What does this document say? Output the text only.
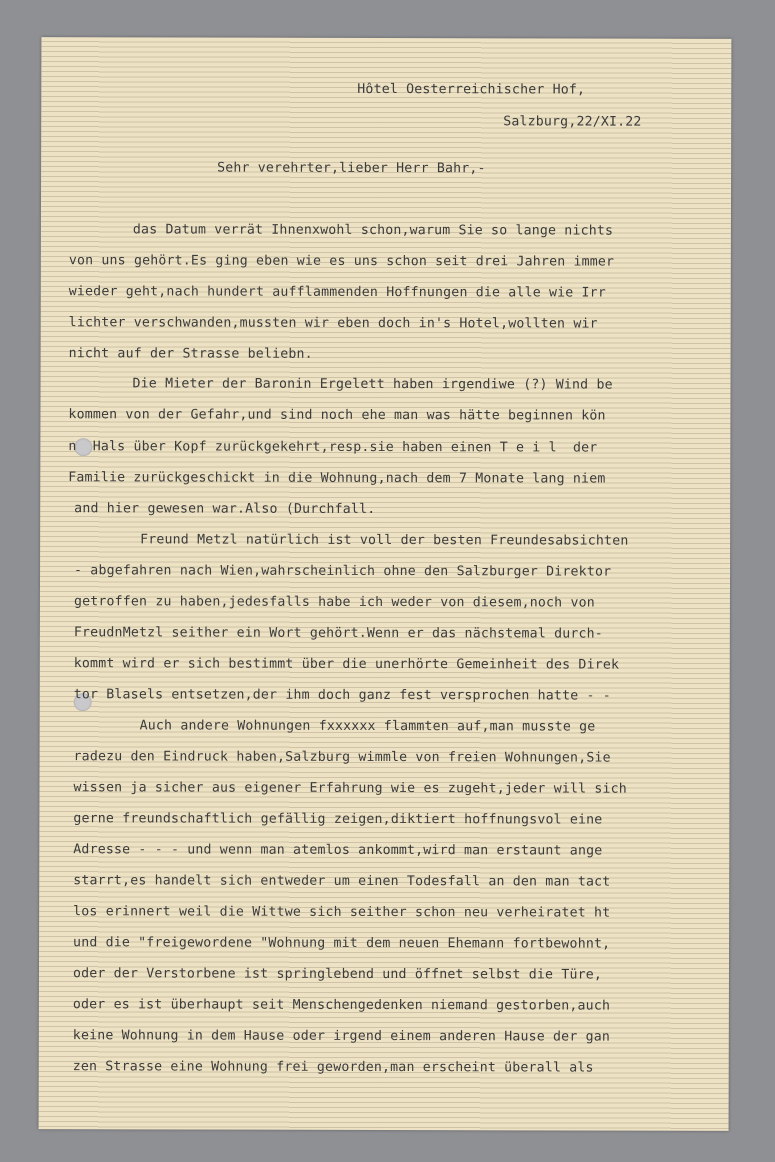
Hôtel Oesterreichischer Hof,
Salzburg,22/XI.22
Sehr verehrter,lieber Herr Bahr,-
das Datum verrät Ihnenxwohl schon,warum Sie so lange nichts
von uns gehört.Es ging eben wie es uns schon seit drei Jahren immer
wieder geht,nach hundert aufflammenden Hoffnungen die alle wie Irr
lichter verschwanden,mussten wir eben doch in's Hotel,wollten wir
nicht auf der Strasse beliebn.
Die Mieter der Baronin Ergelett haben irgendiwe (?) Wind be
kommen von der Gefahr,und sind noch ehe man was hätte beginnen kön
n  Hals über Kopf zurückgekehrt,resp.sie haben einen T e i l  der
Familie zurückgeschickt in die Wohnung,nach dem 7 Monate lang niem
and hier gewesen war.Also (Durchfall.
Freund Metzl natürlich ist voll der besten Freundesabsichten
- abgefahren nach Wien,wahrscheinlich ohne den Salzburger Direktor
getroffen zu haben,jedesfalls habe ich weder von diesem,noch von
FreudnMetzl seither ein Wort gehört.Wenn er das nächstemal durch-
kommt wird er sich bestimmt über die unerhörte Gemeinheit des Direk
tor Blasels entsetzen,der ihm doch ganz fest versprochen hatte - -
Auch andere Wohnungen fxxxxxx flammten auf,man musste ge
radezu den Eindruck haben,Salzburg wimmle von freien Wohnungen,Sie
wissen ja sicher aus eigener Erfahrung wie es zugeht,jeder will sich
gerne freundschaftlich gefällig zeigen,diktiert hoffnungsvol eine
Adresse - - - und wenn man atemlos ankommt,wird man erstaunt ange
starrt,es handelt sich entweder um einen Todesfall an den man tact
los erinnert weil die Wittwe sich seither schon neu verheiratet ht
und die "freigewordene "Wohnung mit dem neuen Ehemann fortbewohnt,
oder der Verstorbene ist springlebend und öffnet selbst die Türe,
oder es ist überhaupt seit Menschengedenken niemand gestorben,auch
keine Wohnung in dem Hause oder irgend einem anderen Hause der gan
zen Strasse eine Wohnung frei geworden,man erscheint überall als
